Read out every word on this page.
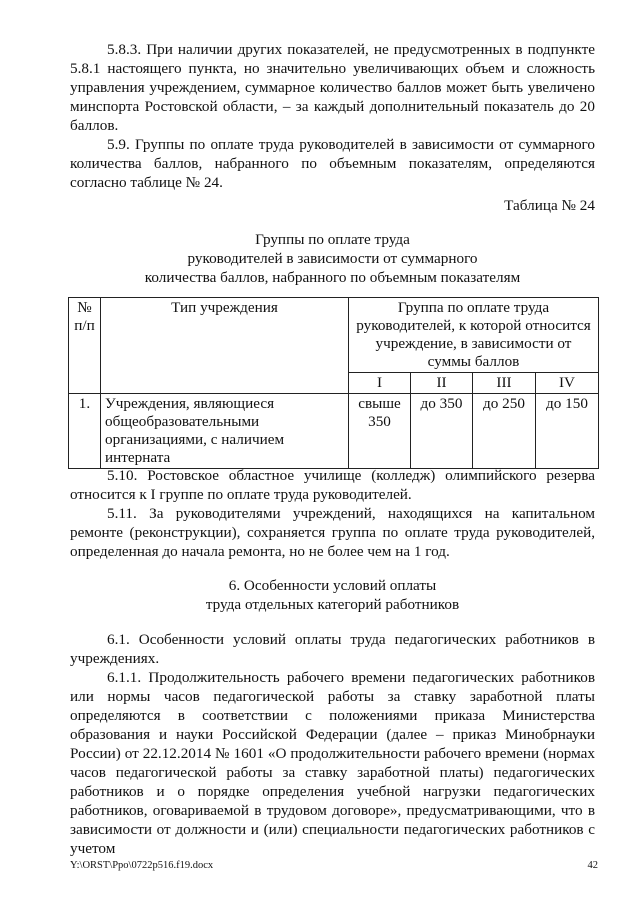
5.8.3. При наличии других показателей, не предусмотренных в подпункте 5.8.1 настоящего пункта, но значительно увеличивающих объем и сложность управления учреждением, суммарное количество баллов может быть увеличено минспорта Ростовской области, – за каждый дополнительный показатель до 20 баллов.

5.9. Группы по оплате труда руководителей в зависимости от суммарного количества баллов, набранного по объемным показателям, определяются согласно таблице № 24.

Таблица № 24

Группы по оплате труда

руководителей в зависимости от суммарного

количества баллов, набранного по объемным показателям

№ п/п	Тип учреждения	Группа по оплате труда руководителей, к которой относится учреждение, в зависимости от суммы баллов			
		I	II	III	IV
1.	Учреждения, являющиеся общеобразовательными организациями, с наличием интерната	свыше 350	до 350	до 250	до 150

5.10. Ростовское областное училище (колледж) олимпийского резерва относится к I группе по оплате труда руководителей.

5.11. За руководителями учреждений, находящихся на капитальном ремонте (реконструкции), сохраняется группа по оплате труда руководителей, определенная до начала ремонта, но не более чем на 1 год.

6. Особенности условий оплаты

труда отдельных категорий работников

6.1. Особенности условий оплаты труда педагогических работников в учреждениях.

6.1.1. Продолжительность рабочего времени педагогических работников или нормы часов педагогической работы за ставку заработной платы определяются в соответствии с положениями приказа Министерства образования и науки Российской Федерации (далее – приказ Минобрнауки России) от 22.12.2014 № 1601 «О продолжительности рабочего времени (нормах часов педагогической работы за ставку заработной платы) педагогических работников и о порядке определения учебной нагрузки педагогических работников, оговариваемой в трудовом договоре», предусматривающими, что в зависимости от должности и (или) специальности педагогических работников с учетом

Y:\ORST\Ppo\0722p516.f19.docx	42
